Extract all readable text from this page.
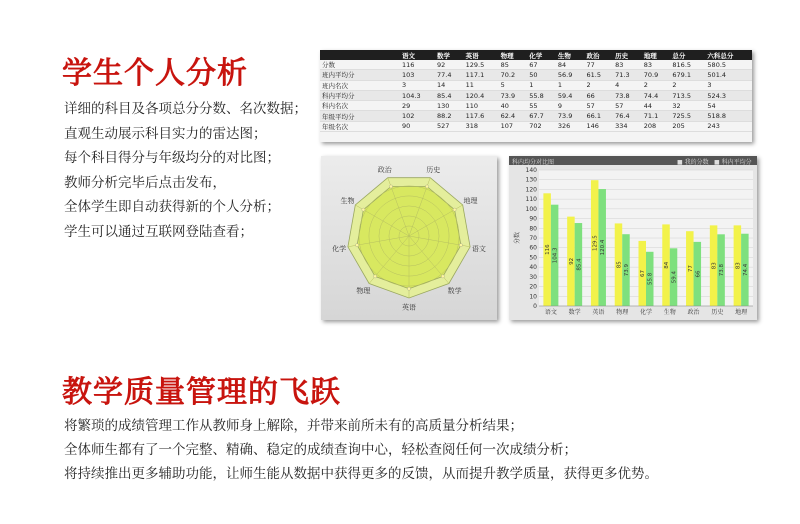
学生个人分析
详细的科目及各项总分分数、名次数据；
直观生动展示科目实力的雷达图；
每个科目得分与年级均分的对比图；
教师分析完毕后点击发布，
全体学生即自动获得新的个人分析；
学生可以通过互联网登陆查看；
	语文	数学	英语	物理	化学	生物	政治	历史	地理	总分	六科总分
分数	116	92	129.5	85	67	84	77	83	83	816.5	580.5
班内平均分	103	77.4	117.1	70.2	50	56.9	61.5	71.3	70.9	679.1	501.4
班内名次	3	14	11	5	1	1	2	4	2	2	3
科内平均分	104.3	85.4	120.4	73.9	55.8	59.4	66	73.8	74.4	713.5	524.3
科内名次	29	130	110	40	55	9	57	57	44	32	54
年级平均分	102	88.2	117.6	62.4	67.7	73.9	66.1	76.4	71.1	725.5	518.8
年级名次	90	527	318	107	702	326	146	334	208	205	243
历史
地理
语文
数学
英语
物理
化学
生物
政治
科内均分对比图	■ 我的分数 ■ 科内平均分
0
10
20
30
40
50
60
70
80
90
100
110
120
130
140
分数
116 104.3
语文
92 85.4
数学
129.5 120.4
英语
85 73.9
物理
67 55.8
化学
84
59.4
生物
77
66
政治
83 73.8
历史
83 74.4
地理
教学质量管理的飞跃
将繁琐的成绩管理工作从教师身上解除，并带来前所未有的高质量分析结果；
全体师生都有了一个完整、精确、稳定的成绩查询中心，轻松查阅任何一次成绩分析；
将持续推出更多辅助功能，让师生能从数据中获得更多的反馈，从而提升教学质量，获得更多优势。
